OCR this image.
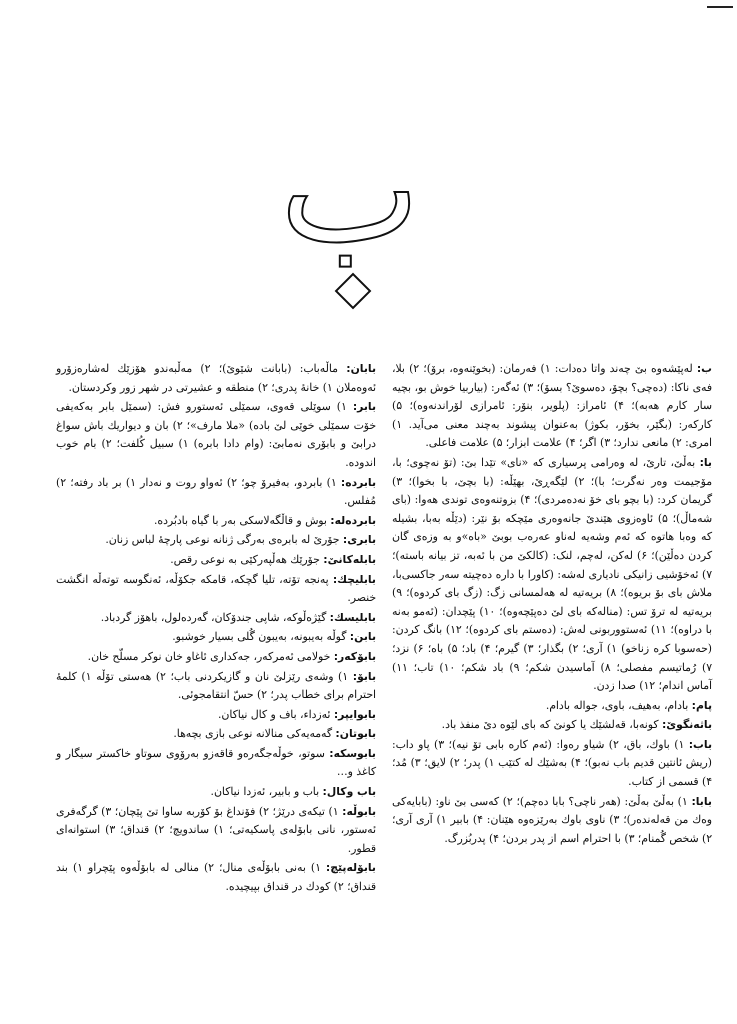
ب

ب: لەپێشەوە بێ چەند واتا دەدات: ۱) فەرمان: (بخوێنەوە، برۆ)؛ ۲) بلا، فەی ناکا: (دەچی؟ بچۆ، دەسوێ؟ بسۆ)؛ ۳) ئەگەر: (بیاربیا خوش بو، بچیە سار کارم هەبە)؛ ۴) ئامراز: (پلویر، بنۆر: ئامرازی لۆراندنەوە)؛ ۵) کارکەر: (بگێر، بخۆر، بکوژ) بەعنوان پیشوند بەچند معنی می‌آید. ۱) امری: ۲) مانعی ندارد؛ ۳) اگر؛ ۴) علامت ابزار؛ ۵) علامت فاعلی.

با: بەڵێ، تارێ، لە وەرامی پرسیاری کە «نای» تێدا بێ: (تۆ نەچوی؛ با، مۆجیمت وەر نەگرت؛ با)؛ ۲) لێگەڕێ، بهێڵە: (با بچێ، با بخوا)؛ ۳) گریمان کرد: (با بچو بای خۆ نەدەمردی)؛ ۴) بزوتنەوەی توندی هەوا: (بای شەماڵ)؛ ۵) ئاوەزوی هێندێ جانەوەری مێچکە بۆ نێر: (دێڵە بەبا، بشیلە کە وەبا هاتوە کە ئەم وشەیە لەناو عەرەب بوبێ «باه»و بە وزەی گان کردن دەڵێن)؛ ۶) لەکن، لەچم، لنک: (کالکێ من با ئەبە، تز بیانە باستە)؛ ۷) ئەخۆشیی زانیکی نادیاری لەشە: (کاورا با دارە دەچیتە سەر جاکسی‌با، ملاش بای بۆ بریوە)؛ ۸) بریەتیە لە هەلمسانی زگ: (زگ بای کردوە)؛ ۹) بریەتیە لە ترۆ تس: (منالەکە بای لێ دەپێچەوە)؛ ۱۰) پێچدان: (ئەمو بەنە با دراوە)؛ ۱۱) ئەستووربونی لەش: (دەستم بای کردوە)؛ ۱۲) بانگ کردن: (حەسوبا کرە زناخو) ۱) آری؛ ۲) بگذار؛ ۳) گیرم؛ ۴) باد؛ ۵) باه؛ ۶) نزد؛ ۷) رُماتیسم مفصلی؛ ۸) آماسیدن شکم؛ ۹) باد شکم؛ ۱۰) تاب؛ ۱۱) آماس اندام؛ ۱۲) صدا زدن.

پام: بادام، بەهیف، باوی، جوالە ‌بادام.

باثەنگوێ: کونەبا، قەلشێك يا كونێ كە باى لێوە دێ منفذ باد.

باب: ۱) باوك، باق، ۲) شیاو رەوا: (ئەم کارە بابی تۆ نیە)؛ ۳) پاو داب: (ریش ئانتین قدیم باب نەبو)؛ ۴) بەشێك لە كتێب ۱) پدر؛ ۲) لايق؛ ۳) مُد؛ ۴) قسمی از کتاب.

بابا: ۱) بەڵێ بەڵێ: (هەر ناچی؟ بابا دەچم)؛ ۲) کەسی بێ ناو: (بابایەکی وەك من قەلەندەر)؛ ۳) ناوی باوك بەرێزەوە هێنان: ۴) بابیر ۱) آری آری؛ ۲) شخص گُمنام؛ ۳) با احترام اسم از پدر بردن؛ ۴) پدربُزرگ.

بابان: ماڵەباب: (بابانت شێوێ)؛ ۲) مەڵبەندو هۆزێك لەشارەزۆرو ئەوەملان ۱) خانهٔ پدری؛ ۲) منطقه و عشیرتی در شهر زور وکردستان.

بابر: ۱) سوێلی قەوی، سمێلی ئەستورو فش: (سمێل بابر بەکەیفی خۆت سمێلی خوێی لێ بادە) «ملا مارف»؛ ۲) بان و دیواریك باش سواغ درابێ و بابۆری نەمابێ: (وام دادا بابرە) ۱) سبیل کُلفت؛ ۲) بام خوب اندوده.

بابرده: ۱) بابردو، بەفیرۆ چو؛ ۲) ئەواو روت و نەدار ۱) بر باد رفته؛ ۲) مُفلس.

بابرده‌له: بوش و قاڵگەلاسکی بەر با گیاه بادبُرده.

بابری: جۆرێ لە بابرەی بەرگی ژنانە نوعی پارچهٔ لباس زنان.

بابلەکانێ: جۆرێك هەڵپەرکێی بە نوعی رقص.

بابلیچك: پەنجە تۆتە، تلیا گچکە، قامکە جکۆڵە، ئەنگوسە توتەڵە انگشت خنصر.

بابلیسك: گێژەڵوکە، شاپی جندۆکان، گەردەلول، باهۆز گردباد.

بابن: گوڵە بەیبونە، بەیبون ‌گُلی بسیار خوشبو.

بابۆکەر: خولامی ئەمرکەر، جەکداری ئاغاو خان نوکر مسلّح خان.

بابۆ: ۱) وشەی رێزلێ نان و گازیکردنی باب؛ ۲) هەستی تۆڵە ۱) کلمهٔ احترام برای خطاب پدر؛ ۲) حسّ انتقامجوئی.

بابوایپر: ئەزداء، باف و کال ‌نیاکان.

بابوتان: گەمەیەکی منالانە نوعی بازی بچه‌ها.

بابوسكە: سوتو، خوڵەجگەرەو قاقەزو بەرۆوی سوتاو خاکستر سیگار و کاغذ و…

باب وکال: باب و بابیر، ئەزدا ‌نیاکان.

بابوڵە: ۱) تیکەی درێژ؛ ۲) فۆنداغ بۆ کۆربە ساوا تێ پێچان؛ ۳) گرگەفری ئەستور، نانی بابۆلەی پاسکیەتی؛ ۱) ساندویچ؛ ۲) قنداق؛ ۳) استوانه‌ای قطور.

بابۆلەپێچ: ۱) بەنی بابۆڵەی منال؛ ۲) منالی لە بابۆڵەوە پێچراو ۱) بند قنداق؛ ۲) کودك در قنداق بپیچیده.
